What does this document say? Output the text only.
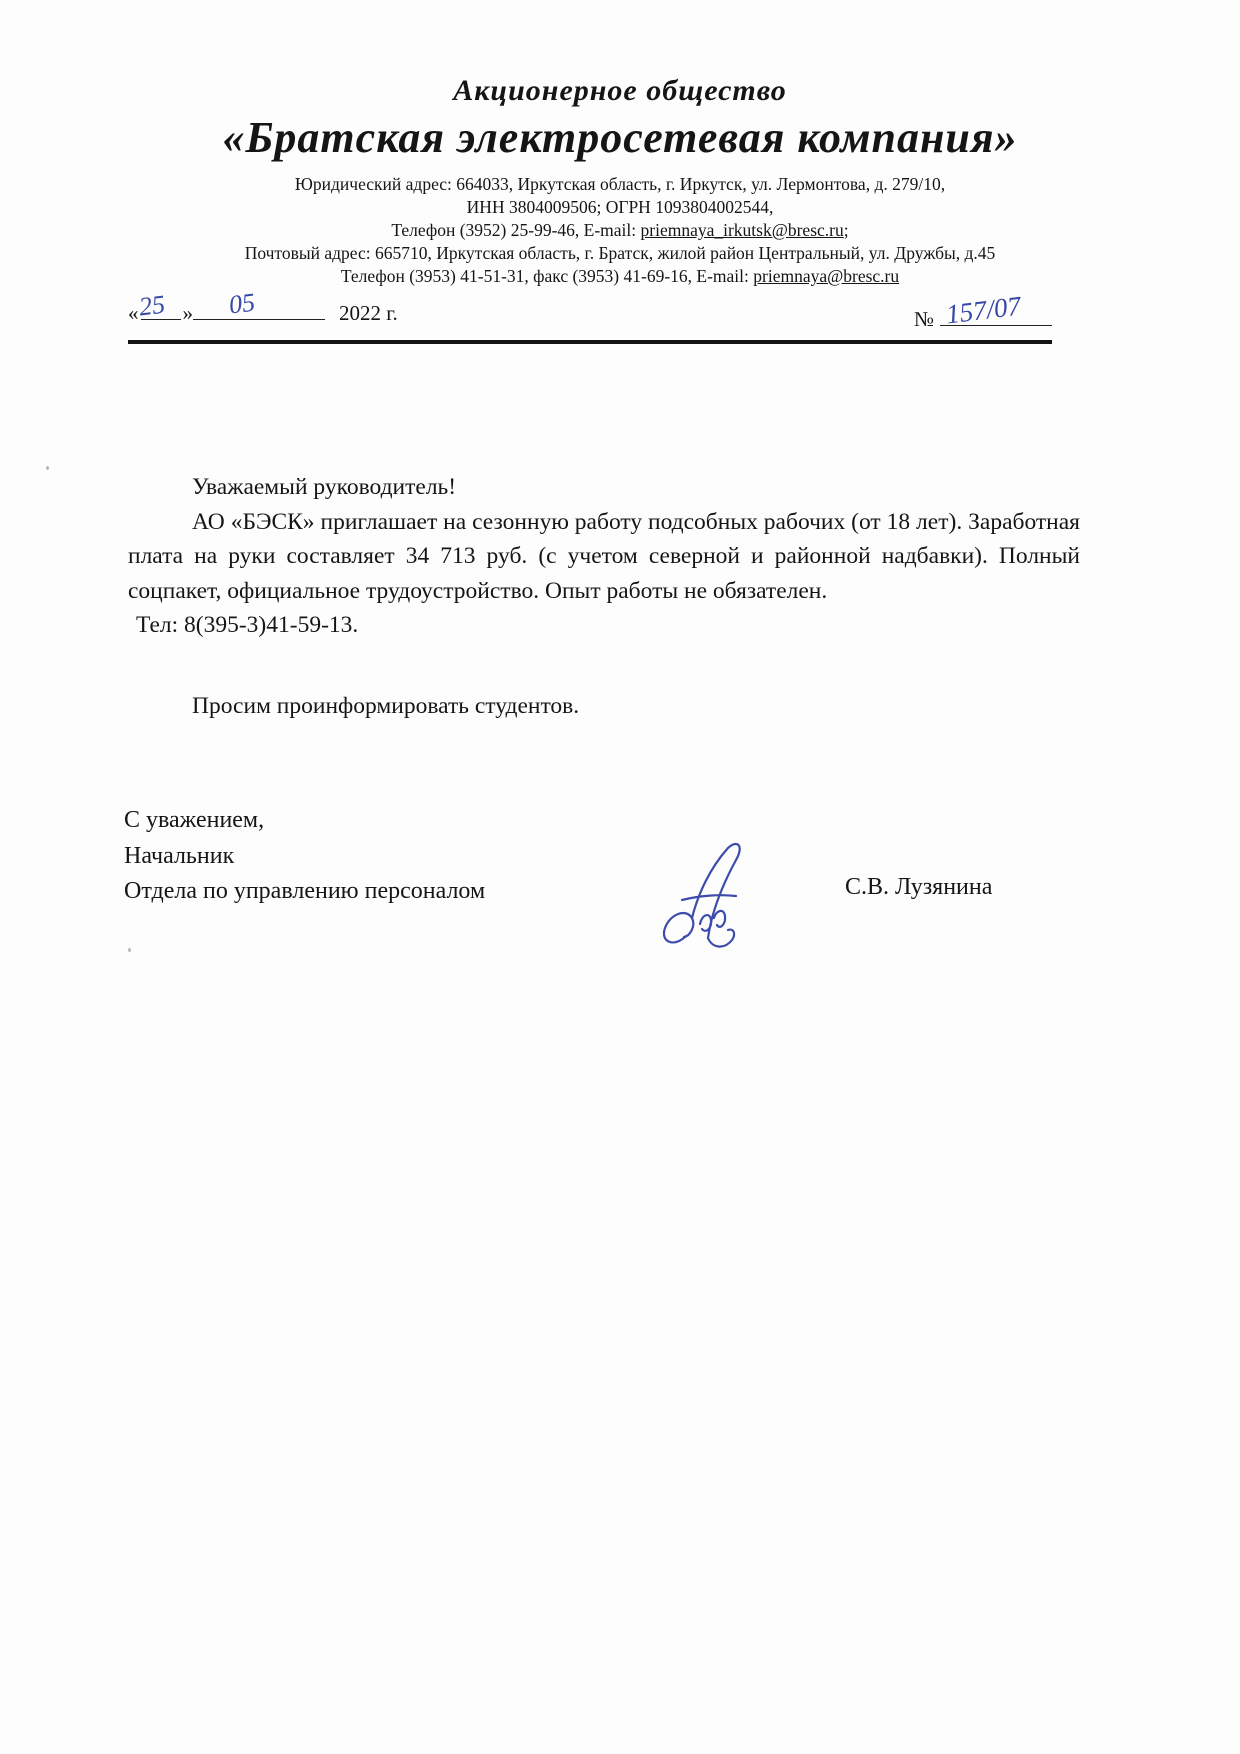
Акционерное общество
«Братская электросетевая компания»
Юридический адрес: 664033, Иркутская область, г. Иркутск, ул. Лермонтова, д. 279/10,
ИНН 3804009506; ОГРН 1093804002544,
Телефон (3952) 25-99-46, E-mail: priemnaya_irkutsk@bresc.ru;
Почтовый адрес: 665710, Иркутская область, г. Братск, жилой район Центральный, ул. Дружбы, д.45
Телефон (3953) 41-51-31, факс (3953) 41-69-16, E-mail: priemnaya@bresc.ru
«
25 » 05	2022 г.	№ 157/07
Уважаемый руководитель!
АО «БЭСК» приглашает на сезонную работу подсобных рабочих (от 18 лет). Заработная плата на руки составляет 34 713 руб. (с учетом северной и районной надбавки). Полный соцпакет, официальное трудоустройство. Опыт работы не обязателен.
Тел: 8(395-3)41-59-13.
Просим проинформировать студентов.
С уважением,
Начальник
Отдела по управлению персоналом	С.В. Лузянина
